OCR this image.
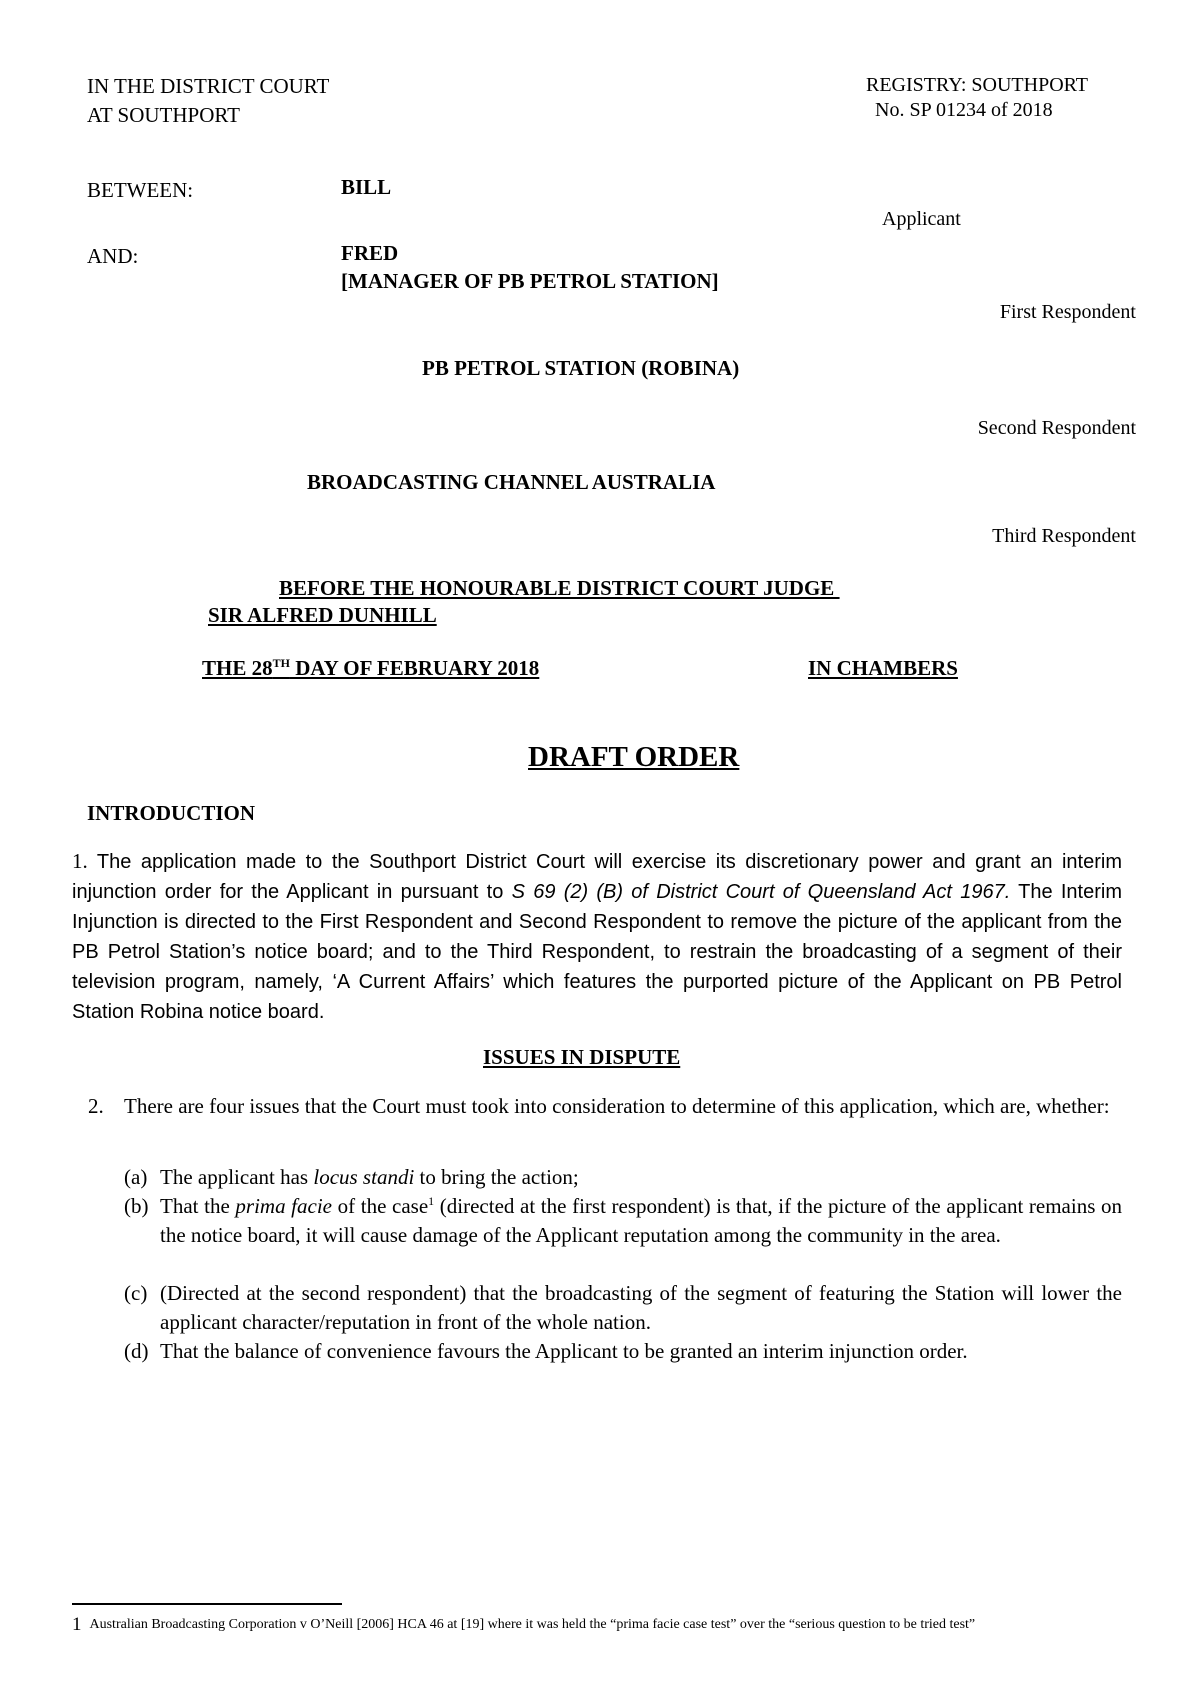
IN THE DISTRICT COURT
AT SOUTHPORT
REGISTRY: SOUTHPORT
No. SP 01234 of 2018
BETWEEN:	BILL
Applicant
AND:	FRED
[MANAGER OF PB PETROL STATION]
First Respondent
PB PETROL STATION (ROBINA)
Second Respondent
BROADCASTING CHANNEL AUSTRALIA
Third Respondent
BEFORE THE HONOURABLE DISTRICT COURT JUDGE
SIR ALFRED DUNHILL
THE 28TH DAY OF FEBRUARY 2018	IN CHAMBERS
DRAFT ORDER
INTRODUCTION
1. The application made to the Southport District Court will exercise its discretionary power and grant an interim injunction order for the Applicant in pursuant to S 69 (2) (B) of District Court of Queensland Act 1967. The Interim Injunction is directed to the First Respondent and Second Respondent to remove the picture of the applicant from the PB Petrol Station’s notice board; and to the Third Respondent, to restrain the broadcasting of a segment of their television program, namely, ‘A Current Affairs’ which features the purported picture of the Applicant on PB Petrol Station Robina notice board.
ISSUES IN DISPUTE
2. There are four issues that the Court must took into consideration to determine of this application, which are, whether:
(a) The applicant has locus standi to bring the action;
(b) That the prima facie of the case$^1$ (directed at the first respondent) is that, if the picture of the applicant remains on the notice board, it will cause damage of the Applicant reputation among the community in the area.
(c) (Directed at the second respondent) that the broadcasting of the segment of featuring the Station will lower the applicant character/reputation in front of the whole nation.
(d) That the balance of convenience favours the Applicant to be granted an interim injunction order.
1 Australian Broadcasting Corporation v O’Neill [2006] HCA 46 at [19] where it was held the “prima facie case test” over the “serious question to be tried test”
